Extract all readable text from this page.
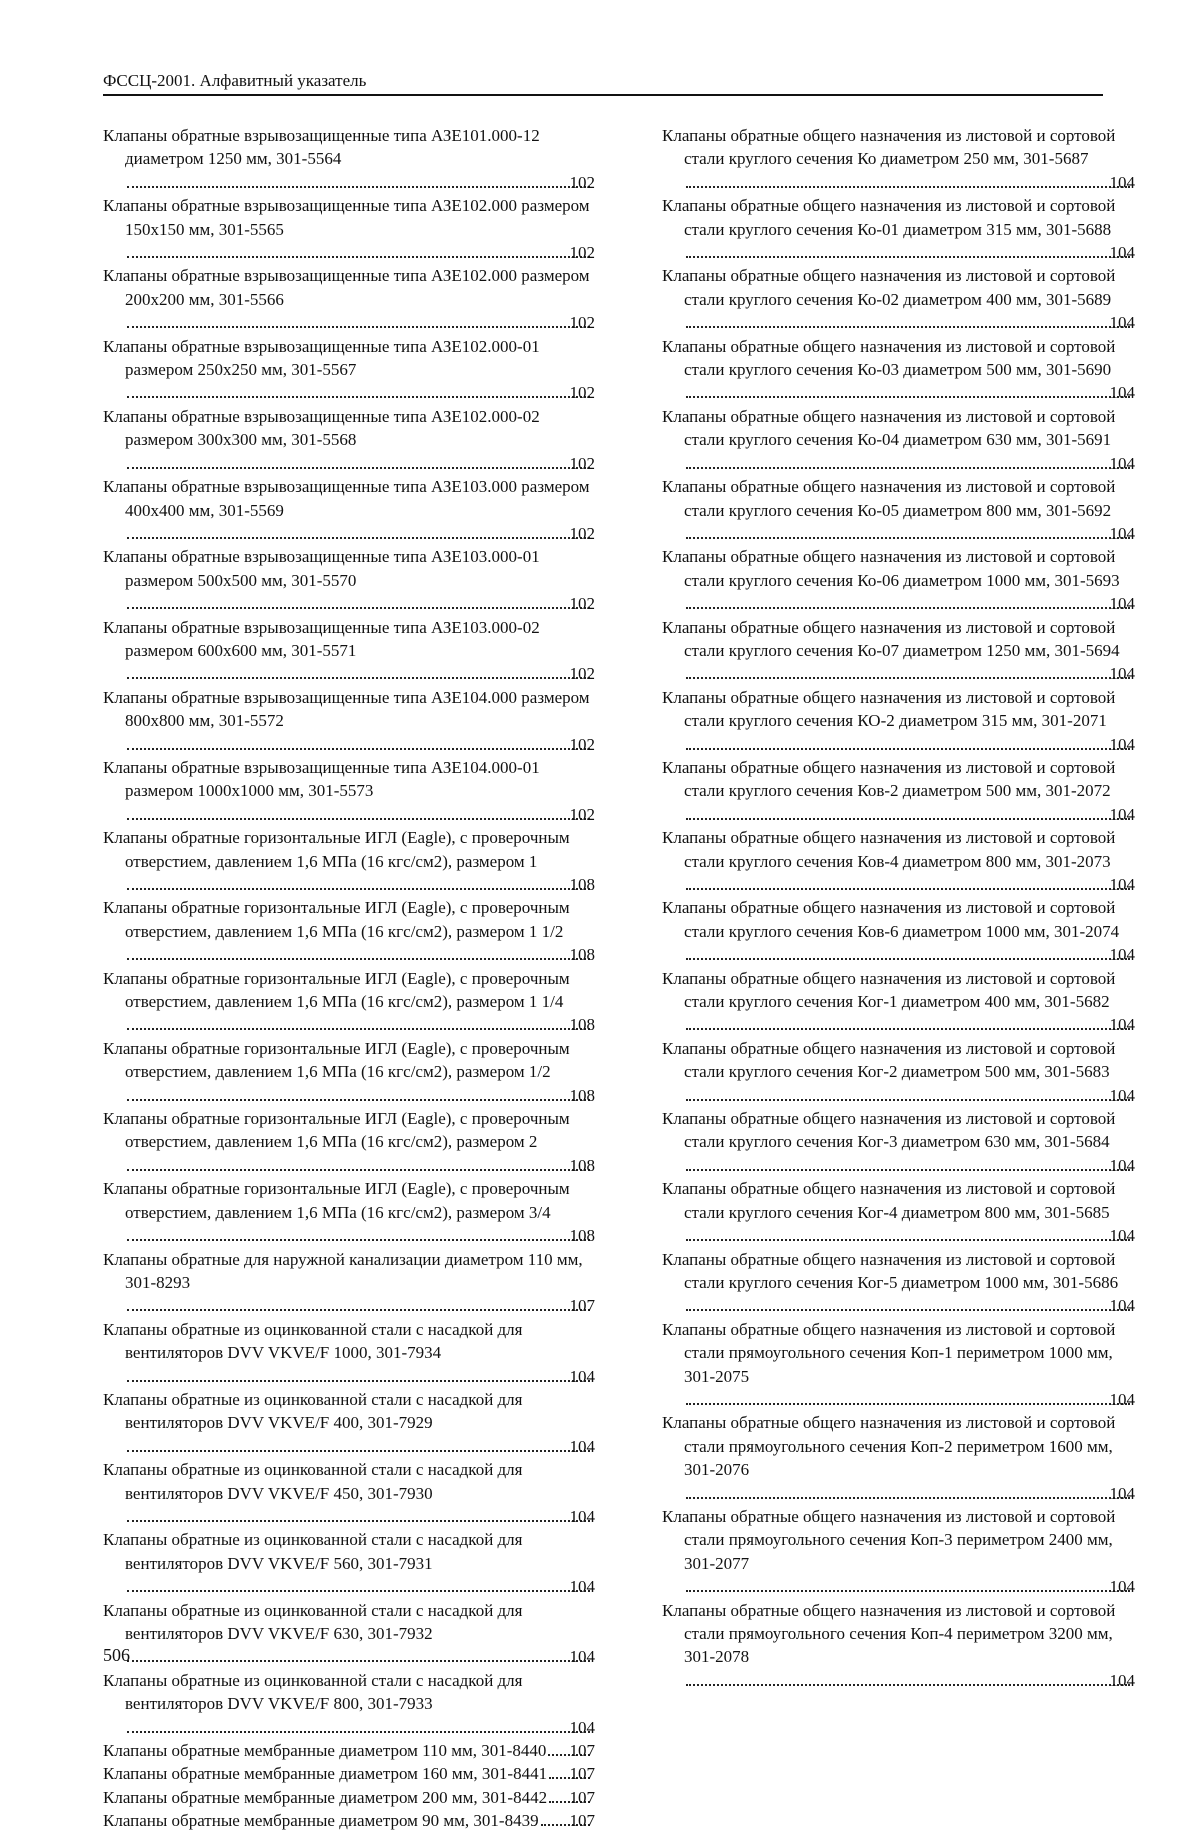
ФССЦ-2001. Алфавитный указатель
Клапаны обратные взрывозащищенные типа АЗЕ101.000-12 диаметром 1250 мм, 301-5564
102
Клапаны обратные взрывозащищенные типа АЗЕ102.000 размером 150х150 мм, 301-5565
102
Клапаны обратные взрывозащищенные типа АЗЕ102.000 размером 200х200 мм, 301-5566
102
Клапаны обратные взрывозащищенные типа АЗЕ102.000-01 размером 250х250 мм, 301-5567
102
Клапаны обратные взрывозащищенные типа АЗЕ102.000-02 размером 300х300 мм, 301-5568
102
Клапаны обратные взрывозащищенные типа АЗЕ103.000 размером 400х400 мм, 301-5569
102
Клапаны обратные взрывозащищенные типа АЗЕ103.000-01 размером 500х500 мм, 301-5570
102
Клапаны обратные взрывозащищенные типа АЗЕ103.000-02 размером 600х600 мм, 301-5571
102
Клапаны обратные взрывозащищенные типа АЗЕ104.000 размером 800х800 мм, 301-5572
102
Клапаны обратные взрывозащищенные типа АЗЕ104.000-01 размером 1000х1000 мм, 301-5573
102
Клапаны обратные горизонтальные ИГЛ (Eagle), с проверочным отверстием, давлением 1,6 МПа (16 кгс/см2), размером 1
108
Клапаны обратные горизонтальные ИГЛ (Eagle), с проверочным отверстием, давлением 1,6 МПа (16 кгс/см2), размером 1 1/2
108
Клапаны обратные горизонтальные ИГЛ (Eagle), с проверочным отверстием, давлением 1,6 МПа (16 кгс/см2), размером 1 1/4
108
Клапаны обратные горизонтальные ИГЛ (Eagle), с проверочным отверстием, давлением 1,6 МПа (16 кгс/см2), размером 1/2
108
Клапаны обратные горизонтальные ИГЛ (Eagle), с проверочным отверстием, давлением 1,6 МПа (16 кгс/см2), размером 2
108
Клапаны обратные горизонтальные ИГЛ (Eagle), с проверочным отверстием, давлением 1,6 МПа (16 кгс/см2), размером 3/4
108
Клапаны обратные для наружной канализации диаметром 110 мм, 301-8293
107
Клапаны обратные из оцинкованной стали с насадкой для вентиляторов DVV VKVE/F 1000, 301-7934
104
Клапаны обратные из оцинкованной стали с насадкой для вентиляторов DVV VKVE/F 400, 301-7929
104
Клапаны обратные из оцинкованной стали с насадкой для вентиляторов DVV VKVE/F 450, 301-7930
104
Клапаны обратные из оцинкованной стали с насадкой для вентиляторов DVV VKVE/F 560, 301-7931
104
Клапаны обратные из оцинкованной стали с насадкой для вентиляторов DVV VKVE/F 630, 301-7932
104
Клапаны обратные из оцинкованной стали с насадкой для вентиляторов DVV VKVE/F 800, 301-7933
104
Клапаны обратные мембранные диаметром 110 мм, 301-8440 107
Клапаны обратные мембранные диаметром 160 мм, 301-8441 107
Клапаны обратные мембранные диаметром 200 мм, 301-8442 107
Клапаны обратные мембранные диаметром 90 мм, 301-8439 107
Клапаны обратные общего назначения из листовой и сортовой стали круглого сечения Ко диаметром 250 мм, 301-5687
104
Клапаны обратные общего назначения из листовой и сортовой стали круглого сечения Ко-01 диаметром 315 мм, 301-5688
104
Клапаны обратные общего назначения из листовой и сортовой стали круглого сечения Ко-02 диаметром 400 мм, 301-5689
104
Клапаны обратные общего назначения из листовой и сортовой стали круглого сечения Ко-03 диаметром 500 мм, 301-5690
104
Клапаны обратные общего назначения из листовой и сортовой стали круглого сечения Ко-04 диаметром 630 мм, 301-5691
104
Клапаны обратные общего назначения из листовой и сортовой стали круглого сечения Ко-05 диаметром 800 мм, 301-5692
104
Клапаны обратные общего назначения из листовой и сортовой стали круглого сечения Ко-06 диаметром 1000 мм, 301-5693
104
Клапаны обратные общего назначения из листовой и сортовой стали круглого сечения Ко-07 диаметром 1250 мм, 301-5694
104
Клапаны обратные общего назначения из листовой и сортовой стали круглого сечения КО-2 диаметром 315 мм, 301-2071
104
Клапаны обратные общего назначения из листовой и сортовой стали круглого сечения Ков-2 диаметром 500 мм, 301-2072
104
Клапаны обратные общего назначения из листовой и сортовой стали круглого сечения Ков-4 диаметром 800 мм, 301-2073
104
Клапаны обратные общего назначения из листовой и сортовой стали круглого сечения Ков-6 диаметром 1000 мм, 301-2074
104
Клапаны обратные общего назначения из листовой и сортовой стали круглого сечения Ког-1 диаметром 400 мм, 301-5682
104
Клапаны обратные общего назначения из листовой и сортовой стали круглого сечения Ког-2 диаметром 500 мм, 301-5683
104
Клапаны обратные общего назначения из листовой и сортовой стали круглого сечения Ког-3 диаметром 630 мм, 301-5684
104
Клапаны обратные общего назначения из листовой и сортовой стали круглого сечения Ког-4 диаметром 800 мм, 301-5685
104
Клапаны обратные общего назначения из листовой и сортовой стали круглого сечения Ког-5 диаметром 1000 мм, 301-5686
104
Клапаны обратные общего назначения из листовой и сортовой стали прямоугольного сечения Коп-1 периметром 1000 мм, 301-2075
104
Клапаны обратные общего назначения из листовой и сортовой стали прямоугольного сечения Коп-2 периметром 1600 мм, 301-2076
104
Клапаны обратные общего назначения из листовой и сортовой стали прямоугольного сечения Коп-3 периметром 2400 мм, 301-2077
104
Клапаны обратные общего назначения из листовой и сортовой стали прямоугольного сечения Коп-4 периметром 3200 мм, 301-2078
104
506
